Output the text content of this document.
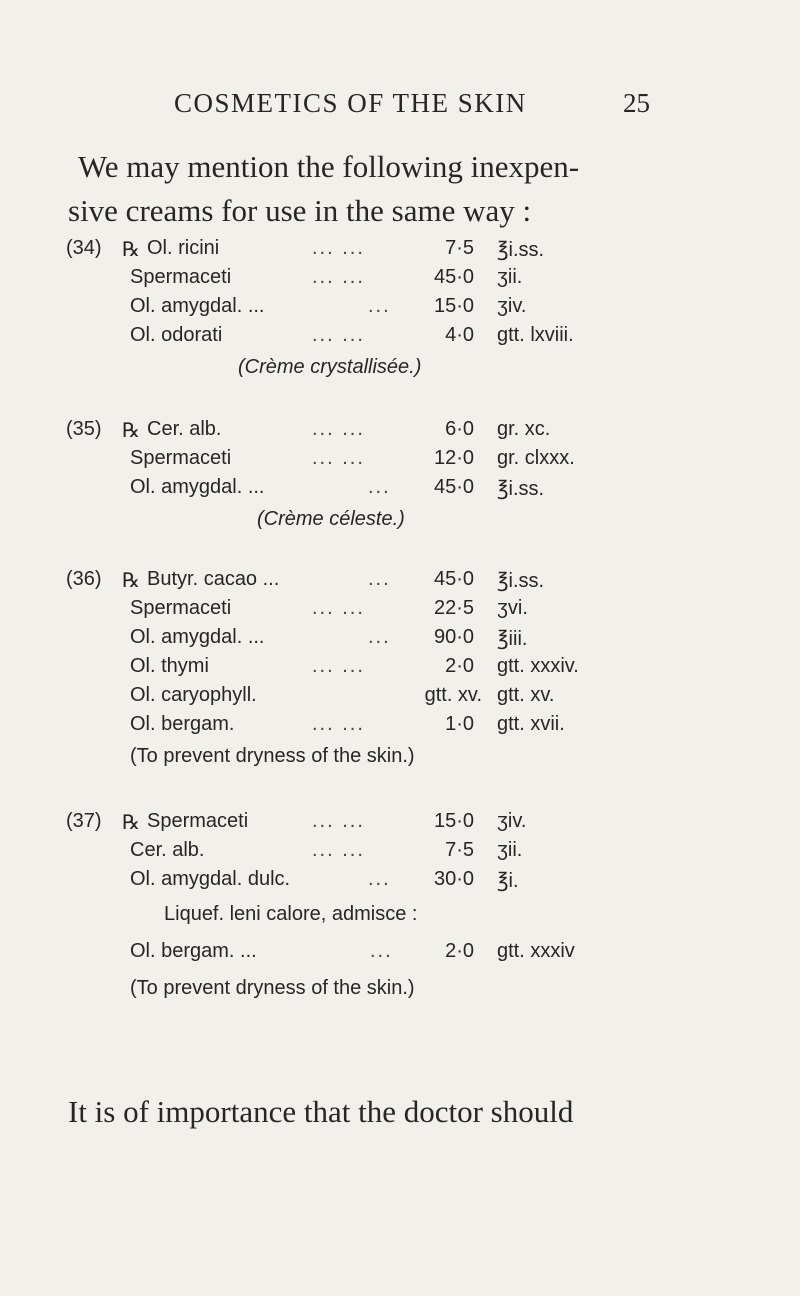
COSMETICS OF THE SKIN	25
We may mention the following inexpen-
sive creams for use in the same way :
(34) ℞ Ol. ricini	... ...	7·5 ℥i.ss.
Spermaceti	... ...	45·0 ʒii.
Ol. amygdal. ...	... 15·0 ʒiv.
Ol. odorati	... ...	4·0 gtt. lxviii.
(Crème crystallisée.)
(35) ℞ Cer. alb.	... ...	6·0 gr. xc.
Spermaceti	... ...	12·0 gr. clxxx.
Ol. amygdal. ...	... 45·0 ℥i.ss.
(Crème céleste.)
(36) ℞ Butyr. cacao ...	... 45·0 ℥i.ss.
Spermaceti	... ...	22·5 ʒvi.
Ol. amygdal. ...	... 90·0 ℥iii.
Ol. thymi	... ...	2·0 gtt. xxxiv.
Ol. caryophyll.	gtt. xv. gtt. xv.
Ol. bergam.	... ...	1·0 gtt. xvii.
(To prevent dryness of the skin.)
(37) ℞ Spermaceti	... ...	15·0 ʒiv.
Cer. alb.	... ...	7·5 ʒii.
Ol. amygdal. dulc.	... 30·0 ℥i.
Liquef. leni calore, admisce :
Ol. bergam. ...	...	2·0 gtt. xxxiv
(To prevent dryness of the skin.)
It is of importance that the doctor should
